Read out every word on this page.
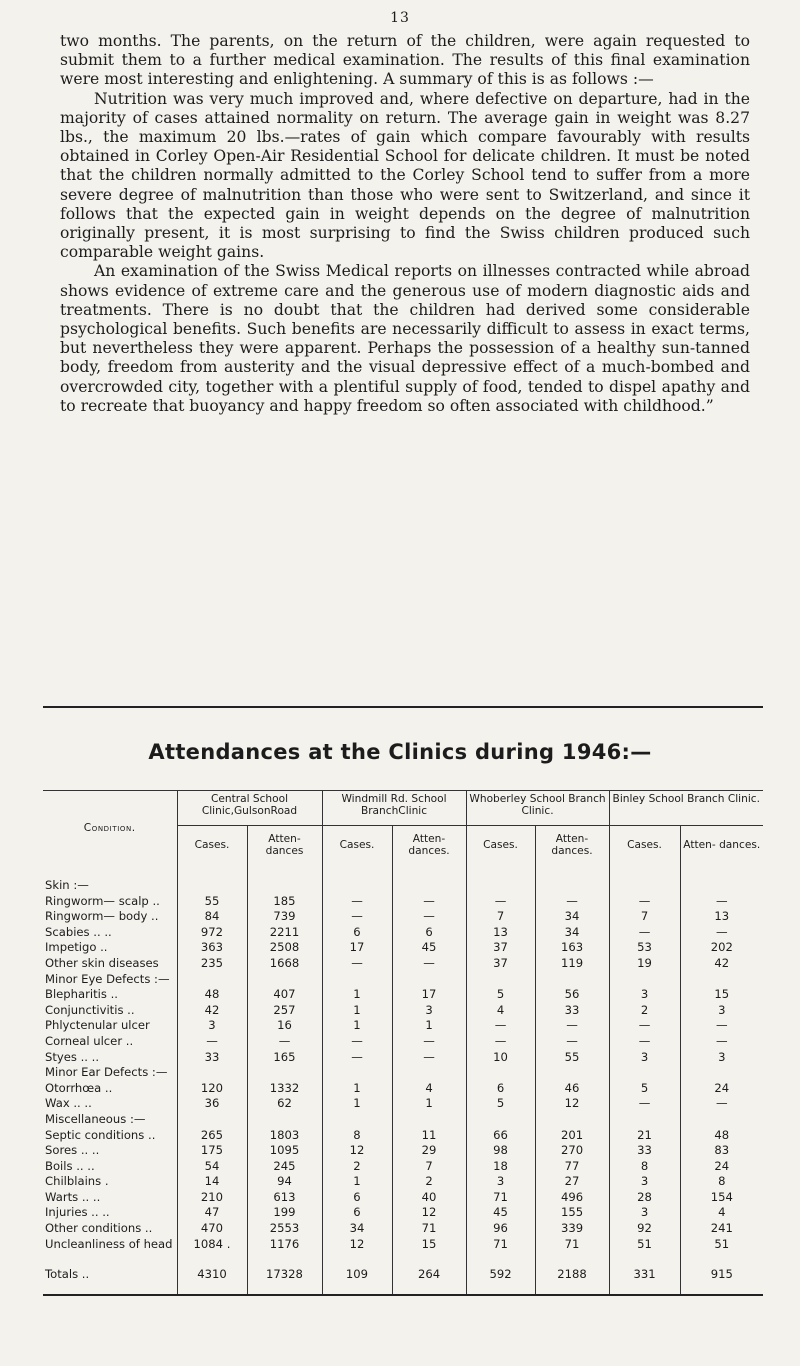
13

two months. The parents, on the return of the children, were again requested to submit them to a further medical examination. The results of this final examination were most interesting and enlightening. A summary of this is as follows :—

Nutrition was very much improved and, where defective on departure, had in the majority of cases attained normality on return. The average gain in weight was 8.27 lbs., the maximum 20 lbs.—rates of gain which compare favourably with results obtained in Corley Open-Air Residential School for delicate children. It must be noted that the children normally admitted to the Corley School tend to suffer from a more severe degree of malnutrition than those who were sent to Switzerland, and since it follows that the expected gain in weight depends on the degree of malnutrition originally present, it is most surprising to find the Swiss children produced such comparable weight gains.

An examination of the Swiss Medical reports on illnesses contracted while abroad shows evidence of extreme care and the generous use of modern diagnostic aids and treatments. There is no doubt that the children had derived some considerable psychological benefits. Such benefits are necessarily difficult to assess in exact terms, but nevertheless they were apparent. Perhaps the possession of a healthy sun-tanned body, freedom from austerity and the visual depressive effect of a much-bombed and overcrowded city, together with a plentiful supply of food, tended to dispel apathy and to recreate that buoyancy and happy freedom so often associated with childhood.”

Attendances at the Clinics during 1946:—
Condition.	Central School Clinic,GulsonRoad		Windmill Rd. School BranchClinic		Whoberley School Branch Clinic.		Binley School Branch Clinic.	
	Cases.	Atten- dances	Cases.	Atten- dances.	Cases.	Atten- dances.	Cases.	Atten- dances.

Skin :—								
Ringworm— scalp ..	55	185	—	—	—	—	—	—
Ringworm— body ..	84	739	—	—	7	34	7	13
Scabies .. ..	972	2211	6	6	13	34	—	—
Impetigo ..	363	2508	17	45	37	163	53	202
Other skin diseases	235	1668	—	—	37	119	19	42
Minor Eye Defects :—								
Blepharitis ..	48	407	1	17	5	56	3	15
Conjunctivitis ..	42	257	1	3	4	33	2	3
Phlyctenular ulcer	3	16	1	1	—	—	—	—
Corneal ulcer ..	—	—	—	—	—	—	—	—
Styes .. ..	33	165	—	—	10	55	3	3
Minor Ear Defects :—								
Otorrhœa ..	120	1332	1	4	6	46	5	24
Wax .. ..	36	62	1	1	5	12	—	—
Miscellaneous :—								
Septic conditions ..	265	1803	8	11	66	201	21	48
Sores .. ..	175	1095	12	29	98	270	33	83
Boils .. ..	54	245	2	7	18	77	8	24
Chilblains .	14	94	1	2	3	27	3	8
Warts .. ..	210	613	6	40	71	496	28	154
Injuries .. ..	47	199	6	12	45	155	3	4
Other conditions ..	470	2553	34	71	96	339	92	241
Uncleanliness of head	1084 .	1176	12	15	71	71	51	51

Totals ..	4310	17328	109	264	592	2188	331	915
